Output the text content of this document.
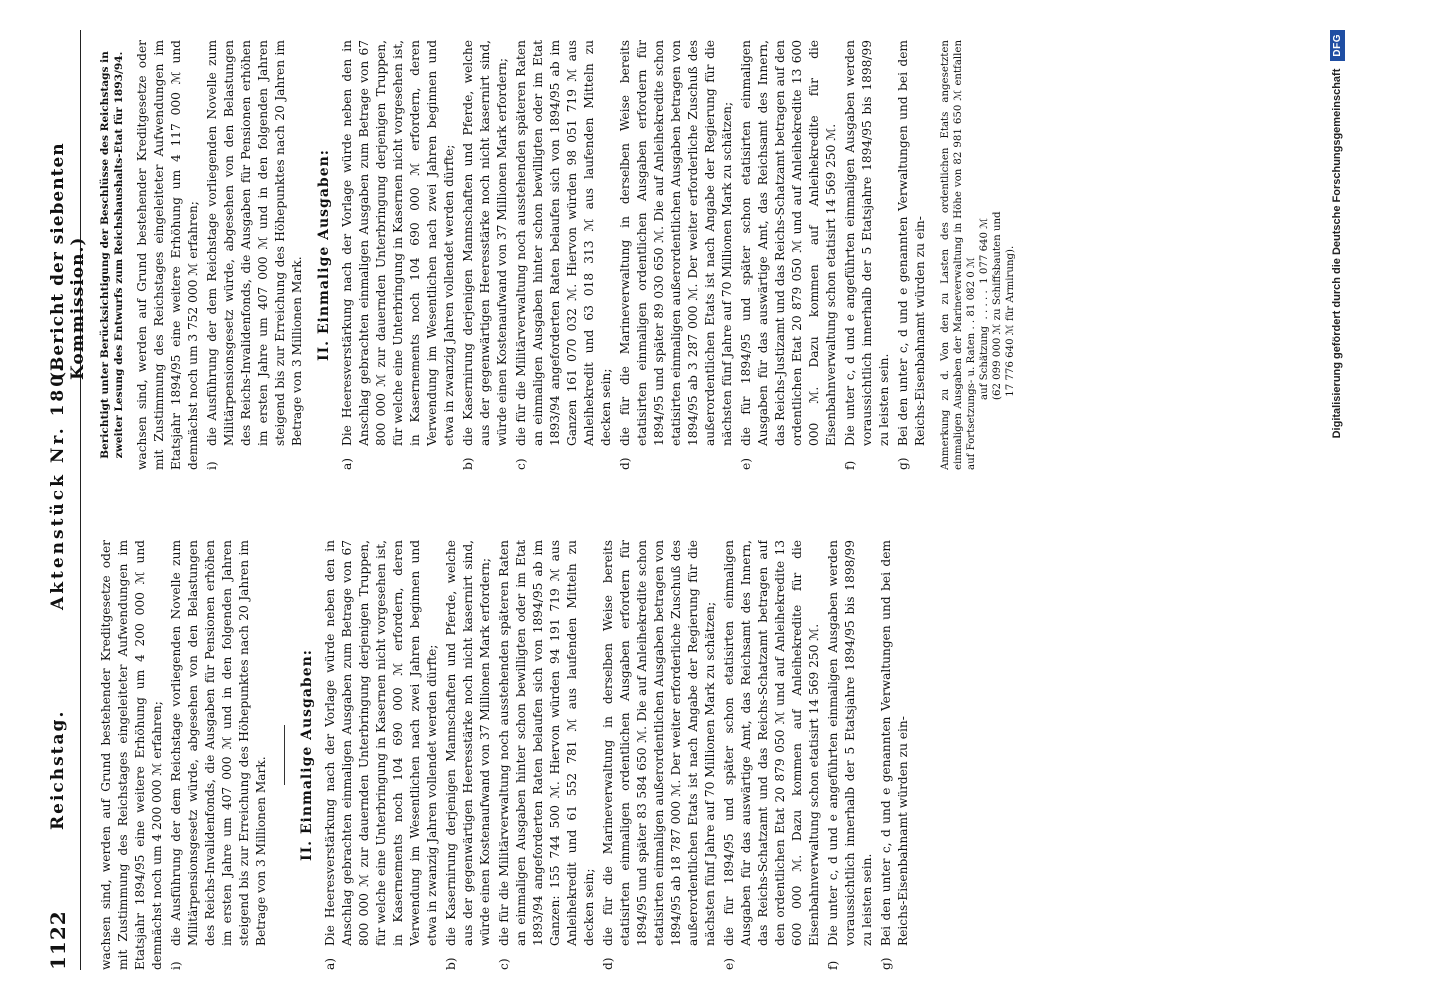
1122
Reichstag.
Aktenstück Nr. 180.
(Bericht der siebenten Kommission.)

wachsen sind, werden auf Grund bestehender Kreditgesetze oder mit Zustimmung des Reichstages eingeleiteter Aufwendungen im Etatsjahr 1894/95 eine weitere Erhöhung um 4 200 000 ℳ und demnächst noch um 4 200 000 ℳ erfahren; i)
die Ausführung der dem Reichstage vorliegenden Novelle zum Militärpensionsgesetz würde, abgesehen von den Belastungen des Reichs-Invalidenfonds, die Ausgaben für Pensionen erhöhen im ersten Jahre um 407 000 ℳ und in den folgenden Jahren steigend bis zur Erreichung des Höhepunktes nach 20 Jahren im Betrage von 3 Millionen Mark. II. Einmalige Ausgaben:
a)
Die Heeresverstärkung nach der Vorlage würde neben den in Anschlag gebrachten einmaligen Ausgaben zum Betrage von 67 800 000 ℳ zur dauernden Unterbringung derjenigen Truppen, für welche eine Unterbringung in Kasernen nicht vorgesehen ist, in Kasernements noch 104 690 000 ℳ erfordern, deren Verwendung im Wesentlichen nach zwei Jahren beginnen und etwa in zwanzig Jahren vollendet werden dürfte;
b)
die Kasernirung derjenigen Mannschaften und Pferde, welche aus der gegenwärtigen Heeresstärke noch nicht kasernirt sind, würde einen Kostenaufwand von 37 Millionen Mark erfordern;
c)
die für die Militärverwaltung noch ausstehenden späteren Raten an einmaligen Ausgaben hinter schon bewilligten oder im Etat 1893/94 angeforderten Raten belaufen sich von 1894/95 ab im Ganzen: 155 744 500 ℳ. Hiervon würden 94 191 719 ℳ aus Anleihekredit und 61 552 781 ℳ aus laufenden Mitteln zu decken sein;
d)
die für die Marineverwaltung in derselben Weise bereits etatisirten einmaligen ordentlichen Ausgaben erfordern für 1894/95 und später 83 584 650 ℳ. Die auf Anleihekredite schon etatisirten einmaligen außerordentlichen Ausgaben betragen von 1894/95 ab 18 787 000 ℳ. Der weiter erforderliche Zuschuß des außerordentlichen Etats ist nach Angabe der Regierung für die nächsten fünf Jahre auf 70 Millionen Mark zu schätzen;
e)
die für 1894/95 und später schon etatisirten einmaligen Ausgaben für das auswärtige Amt, das Reichsamt des Innern, das Reichs-Schatzamt und das Reichs-Schatzamt betragen auf den ordentlichen Etat 20 879 050 ℳ und auf Anleihekredite 13 600 000 ℳ. Dazu kommen auf Anleihekredite für die Eisenbahnverwaltung schon etatisirt 14 569 250 ℳ.
f)
Die unter c, d und e angeführten einmaligen Ausgaben werden voraussichtlich innerhalb der 5 Etatsjahre 1894/95 bis 1898/99 zu leisten sein.
g)
Bei den unter c, d und e genannten Verwaltungen und bei dem Reichs-Eisenbahnamt würden zu ein-
Berichtigt unter Berücksichtigung der Beschlüsse des Reichstags in zweiter Lesung des Entwurfs zum Reichshaushalts-Etat für 1893/94. wachsen sind, werden auf Grund bestehender Kreditgesetze oder mit Zustimmung des Reichstages eingeleiteter Aufwendungen im Etatsjahr 1894/95 eine weitere Erhöhung um 4 117 000 ℳ und demnächst noch um 3 752 000 ℳ erfahren; i)
die Ausführung der dem Reichstage vorliegenden Novelle zum Militärpensionsgesetz würde, abgesehen von den Belastungen des Reichs-Invalidenfonds, die Ausgaben für Pensionen erhöhen im ersten Jahre um 407 000 ℳ und in den folgenden Jahren steigend bis zur Erreichung des Höhepunktes nach 20 Jahren im Betrage von 3 Millionen Mark. II. Einmalige Ausgaben:
a)
Die Heeresverstärkung nach der Vorlage würde neben den in Anschlag gebrachten einmaligen Ausgaben zum Betrage von 67 800 000 ℳ zur dauernden Unterbringung derjenigen Truppen, für welche eine Unterbringung in Kasernen nicht vorgesehen ist, in Kasernements noch 104 690 000 ℳ erfordern, deren Verwendung im Wesentlichen nach zwei Jahren beginnen und etwa in zwanzig Jahren vollendet werden dürfte;
b)
die Kasernirung derjenigen Mannschaften und Pferde, welche aus der gegenwärtigen Heeresstärke noch nicht kasernirt sind, würde einen Kostenaufwand von 37 Millionen Mark erfordern;
c)
die für die Militärverwaltung noch ausstehenden späteren Raten an einmaligen Ausgaben hinter schon bewilligten oder im Etat 1893/94 angeforderten Raten belaufen sich von 1894/95 ab im Ganzen 161 070 032 ℳ. Hiervon würden 98 051 719 ℳ aus Anleihekredit und 63 018 313 ℳ aus laufenden Mitteln zu decken sein;
d)
die für die Marineverwaltung in derselben Weise bereits etatisirten einmaligen ordentlichen Ausgaben erfordern für 1894/95 und später 89 030 650 ℳ. Die auf Anleihekredite schon etatisirten einmaligen außerordentlichen Ausgaben betragen von 1894/95 ab 3 287 000 ℳ. Der weiter erforderliche Zuschuß des außerordentlichen Etats ist nach Angabe der Regierung für die nächsten fünf Jahre auf 70 Millionen Mark zu schätzen;
e)
die für 1894/95 und später schon etatisirten einmaligen Ausgaben für das auswärtige Amt, das Reichsamt des Innern, das Reichs-Justizamt und das Reichs-Schatzamt betragen auf den ordentlichen Etat 20 879 050 ℳ und auf Anleihekredite 13 600 000 ℳ. Dazu kommen auf Anleihekredite für die Eisenbahnverwaltung schon etatisirt 14 569 250 ℳ.
f)
Die unter c, d und e angeführten einmaligen Ausgaben werden voraussichtlich innerhalb der 5 Etatsjahre 1894/95 bis 1898/99 zu leisten sein.
g)
Bei den unter c, d und e genannten Verwaltungen und bei dem Reichs-Eisenbahnamt würden zu ein- Anmerkung zu d. Von den zu Lasten des ordentlichen Etats angesetzten einmaligen Ausgaben der Marineverwaltung in Höhe von 82 981 650 ℳ entfallen auf Fortsetzungs- u. Raten . . 81 082 0 ℳ auf Schätzung  . . . . .  1 077 640 ℳ (62 099 000 ℳ zu Schiffsbauten und 17 776 640 ℳ für Armirung).	Digitalisierung gefördert durch die Deutsche Forschungsgemeinschaft
DFG
